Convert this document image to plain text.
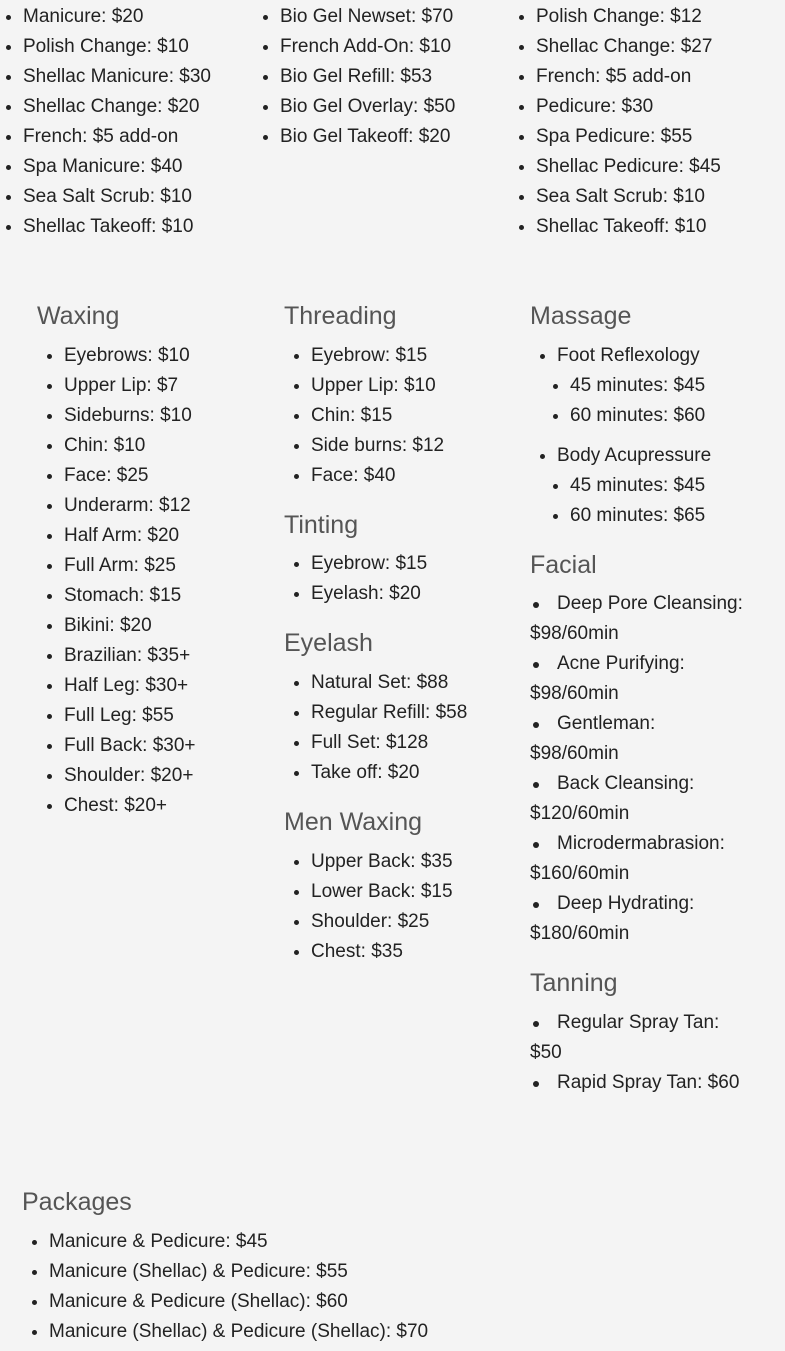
• Manicure: $20
• Polish Change: $10
• Shellac Manicure: $30
• Shellac Change: $20
• French: $5 add-on
• Spa Manicure: $40
• Sea Salt Scrub: $10
• Shellac Takeoff: $10
• Bio Gel Newset: $70
• French Add-On: $10
• Bio Gel Refill: $53
• Bio Gel Overlay: $50
• Bio Gel Takeoff: $20
• Polish Change: $12
• Shellac Change: $27
• French: $5 add-on
• Pedicure: $30
• Spa Pedicure: $55
• Shellac Pedicure: $45
• Sea Salt Scrub: $10
• Shellac Takeoff: $10
Waxing
• Eyebrows: $10
• Upper Lip: $7
• Sideburns: $10
• Chin: $10
• Face: $25
• Underarm: $12
• Half Arm: $20
• Full Arm: $25
• Stomach: $15
• Bikini: $20
• Brazilian: $35+
• Half Leg: $30+
• Full Leg: $55
• Full Back: $30+
• Shoulder: $20+
• Chest: $20+
Threading
• Eyebrow: $15
• Upper Lip: $10
• Chin: $15
• Side burns: $12
• Face: $40
Tinting
• Eyebrow: $15
• Eyelash: $20
Eyelash
• Natural Set: $88
• Regular Refill: $58
• Full Set: $128
• Take off: $20
Men Waxing
• Upper Back: $35
• Lower Back: $15
• Shoulder: $25
• Chest: $35
Massage
• Foot Reflexology
• 45 minutes: $45
• 60 minutes: $60
• Body Acupressure
• 45 minutes: $45
• 60 minutes: $65
Facial
Deep Pore Cleansing: $98/60min
Acne Purifying: $98/60min
Gentleman: $98/60min
Back Cleansing: $120/60min
Microdermabrasion: $160/60min
Deep Hydrating: $180/60min
Tanning
Regular Spray Tan: $50
Rapid Spray Tan: $60
Packages
• Manicure & Pedicure: $45
• Manicure (Shellac) & Pedicure: $55
• Manicure & Pedicure (Shellac): $60
• Manicure (Shellac) & Pedicure (Shellac): $70
